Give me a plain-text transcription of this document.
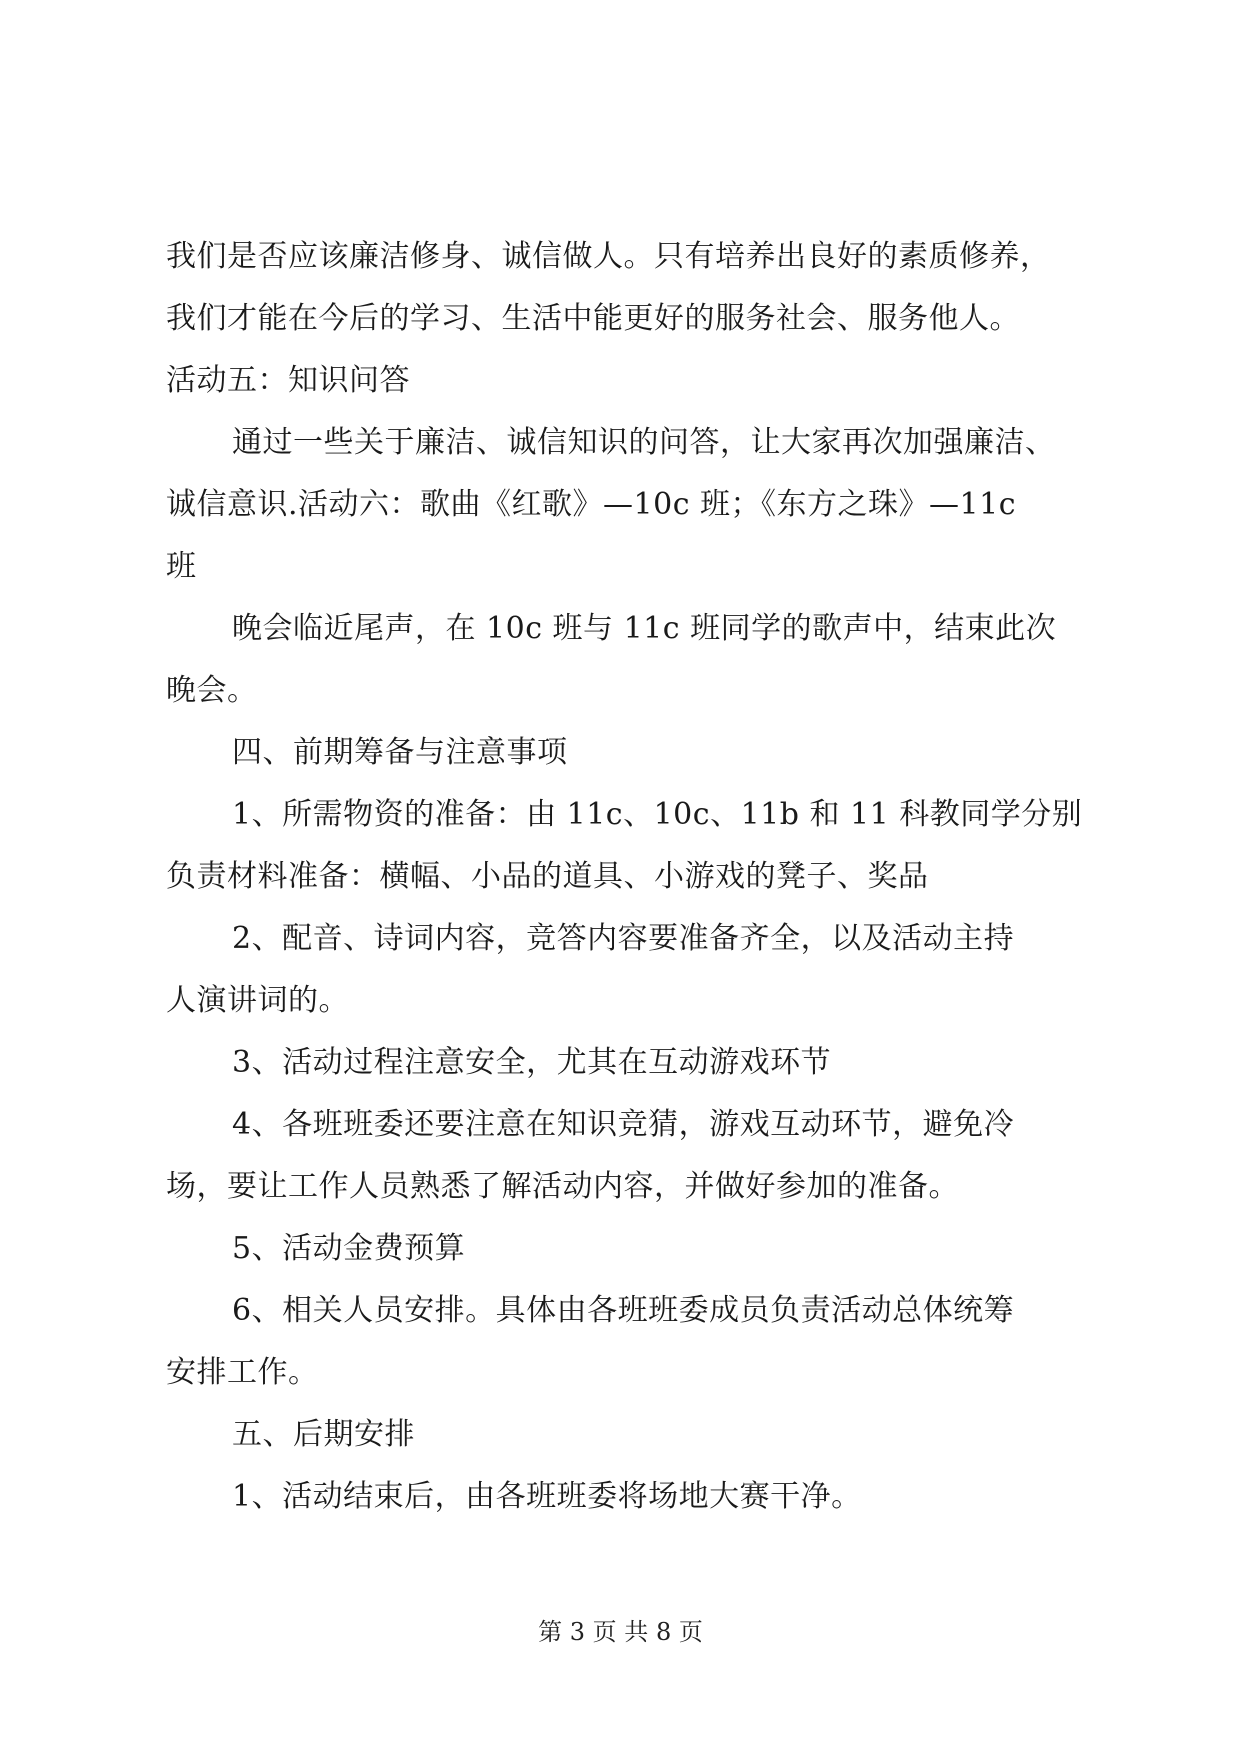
我们是否应该廉洁修身、诚信做人。只有培养出良好的素质修养，
我们才能在今后的学习、生活中能更好的服务社会、服务他人。
活动五：知识问答
通过一些关于廉洁、诚信知识的问答，让大家再次加强廉洁、
诚信意识.活动六：歌曲《红歌》—10c 班；《东方之珠》—11c
班
晚会临近尾声，在 10c 班与 11c 班同学的歌声中，结束此次
晚会。
四、前期筹备与注意事项
1、所需物资的准备：由 11c、10c、11b 和 11 科教同学分别
负责材料准备：横幅、小品的道具、小游戏的凳子、奖品
2、配音、诗词内容，竞答内容要准备齐全，以及活动主持
人演讲词的。
3、活动过程注意安全，尤其在互动游戏环节
4、各班班委还要注意在知识竞猜，游戏互动环节，避免冷
场，要让工作人员熟悉了解活动内容，并做好参加的准备。
5、活动金费预算
6、相关人员安排。具体由各班班委成员负责活动总体统筹
安排工作。
五、后期安排
1、活动结束后，由各班班委将场地大赛干净。
第 3 页 共 8 页
